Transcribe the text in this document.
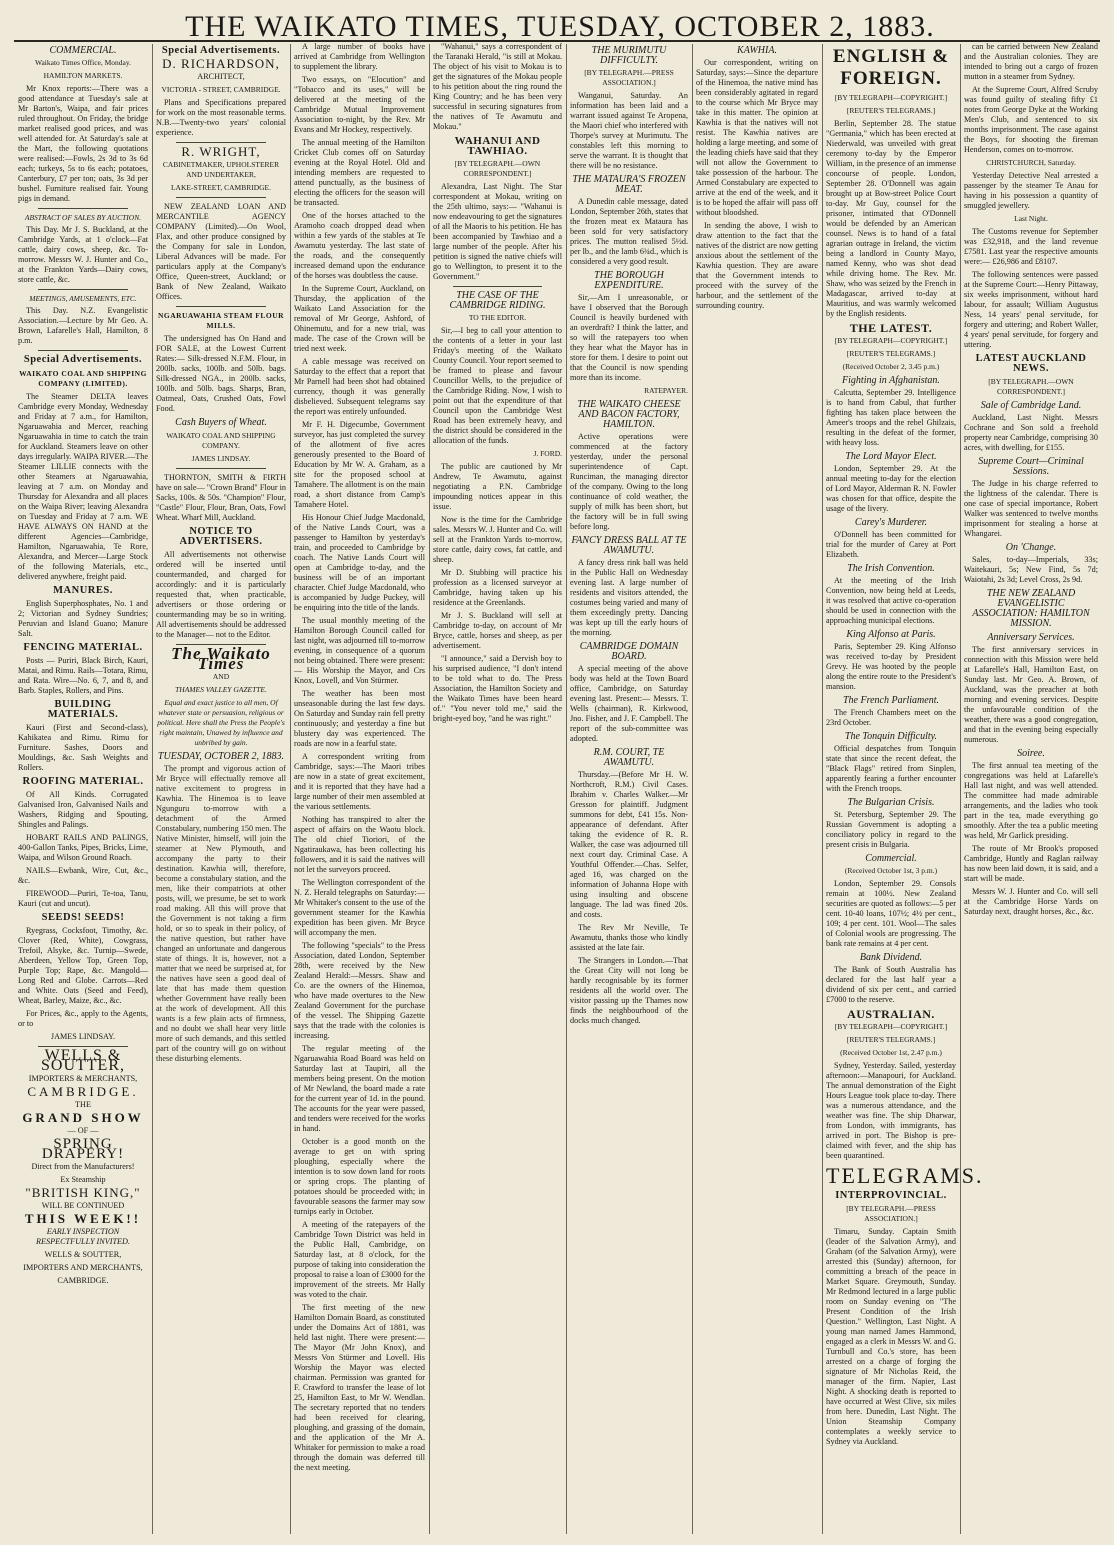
THE WAIKATO TIMES, TUESDAY, OCTOBER 2, 1883.
COMMERCIAL.
Waikato Times Office, Monday.
HAMILTON MARKETS.

Mr Knox reports:—There was a good attendance at Tuesday's sale at Mr Barton's, Waipa, and fair prices ruled throughout. On Friday, the bridge market realised good prices, and was well attended for. At Saturday's sale at the Mart, the following quotations were realised:—Fowls, 2s 3d to 3s 6d each; turkeys, 5s to 6s each; potatoes, Canterbury, £7 per ton; oats, 3s 3d per bushel. Furniture realised fair. Young pigs in demand.

ABSTRACT OF SALES BY AUCTION.

This Day. Mr J. S. Buckland, at the Cambridge Yards, at 1 o'clock—Fat cattle, dairy cows, sheep, &c. To-morrow. Messrs W. J. Hunter and Co., at the Frankton Yards—Dairy cows, store cattle, &c.

MEETINGS, AMUSEMENTS, ETC.

This Day. N.Z. Evangelistic Association.—Lecture by Mr Geo. A. Brown, Lafarelle's Hall, Hamilton, 8 p.m.

Special Advertisements.
WAIKATO COAL AND SHIPPING COMPANY (LIMITED).

The Steamer DELTA leaves Cambridge every Monday, Wednesday and Friday at 7 a.m., for Hamilton, Ngaruawahia and Mercer, reaching Ngaruawahia in time to catch the train for Auckland. Steamers leave on other days irregularly. WAIPA RIVER.—The Steamer LILLIE connects with the other Steamers at Ngaruawahia, leaving at 7 a.m. on Monday and Thursday for Alexandra and all places on the Waipa River; leaving Alexandra on Tuesday and Friday at 7 a.m. WE HAVE ALWAYS ON HAND at the different Agencies—Cambridge, Hamilton, Ngaruawahia, Te Rore, Alexandra, and Mercer—Large Stock of the following Materials, etc., delivered anywhere, freight paid.

MANURES.

English Superphosphates, No. 1 and 2; Victorian and Sydney Sundries; Peruvian and Island Guano; Manure Salt.

FENCING MATERIAL.

Posts — Puriri, Black Birch, Kauri, Matai, and Rimu. Rails—Totara, Rimu, and Rata. Wire—No. 6, 7, and 8, and Barb. Staples, Rollers, and Pins.

BUILDING MATERIALS.

Kauri (First and Second-class), Kahikatea and Rimu. Rimu for Furniture. Sashes, Doors and Mouldings, &c. Sash Weights and Rollers.

ROOFING MATERIAL.

Of All Kinds. Corrugated Galvanised Iron, Galvanised Nails and Washers, Ridging and Spouting, Shingles and Palings.

HOBART RAILS AND PALINGS, 400-Gallon Tanks, Pipes, Bricks, Lime, Waipa, and Wilson Ground Roach.

NAILS—Ewbank, Wire, Cut, &c., &c.

FIREWOOD—Puriri, Te-toa, Tanu, Kauri (cut and uncut).

SEEDS! SEEDS!

Ryegrass, Cocksfoot, Timothy, &c. Clover (Red, White), Cowgrass, Trefoil, Alsyke, &c. Turnip—Swede, Aberdeen, Yellow Top, Green Top, Purple Top; Rape, &c. Mangold—Long Red and Globe. Carrots—Red and White. Oats (Seed and Feed), Wheat, Barley, Maize, &c., &c.

For Prices, &c., apply to the Agents, or to

JAMES LINDSAY.
WELLS & SOUTTER,
IMPORTERS & MERCHANTS,
CAMBRIDGE.
THE
GRAND SHOW
— OF —
SPRING DRAPERY!
Direct from the Manufacturers!
Ex Steamship
"BRITISH KING,"
WILL BE CONTINUED
THIS WEEK!!
EARLY INSPECTION RESPECTFULLY INVITED.
WELLS & SOUTTER,
IMPORTERS AND MERCHANTS,
CAMBRIDGE.
Special Advertisements.
D. RICHARDSON,
ARCHITECT,
VICTORIA - STREET, CAMBRIDGE.

Plans and Specifications prepared for work on the most reasonable terms. N.B.—Twenty-two years' colonial experience.

R. WRIGHT,
CABINETMAKER, UPHOLSTERER AND UNDERTAKER,
LAKE-STREET, CAMBRIDGE.

NEW ZEALAND LOAN AND MERCANTILE AGENCY COMPANY (Limited).—On Wool, Flax, and other produce consigned by the Company for sale in London, Liberal Advances will be made. For particulars apply at the Company's Office, Queen-street, Auckland; or Bank of New Zealand, Waikato Offices.

NGARUAWAHIA STEAM FLOUR MILLS.

The undersigned has On Hand and FOR SALE, at the Lowest Current Rates:— Silk-dressed N.F.M. Flour, in 200lb. sacks, 100lb. and 50lb. bags. Silk-dressed NGA., in 200lb. sacks, 100lb. and 50lb. bags. Sharps, Bran, Oatmeal, Oats, Crushed Oats, Fowl Food.

Cash Buyers of Wheat.
WAIKATO COAL AND SHIPPING COMPANY.
JAMES LINDSAY.

THORNTON, SMITH & FIRTH have on sale— "Crown Brand" Flour in Sacks, 100s. & 50s. "Champion" Flour, "Castle" Flour, Flour, Bran, Oats, Fowl Wheat. Wharf Mill, Auckland.

NOTICE TO ADVERTISERS.

All advertisements not otherwise ordered will be inserted until countermanded, and charged for accordingly: and it is particularly requested that, when practicable, advertisers or those ordering or countermanding may be so in writing. All advertisements should be addressed to the Manager— not to the Editor.

The Waikato Times
AND
THAMES VALLEY GAZETTE.

Equal and exact justice to all men, Of whatever state or persuasion, religious or political. Here shall the Press the People's right maintain, Unawed by influence and unbribed by gain.

TUESDAY, OCTOBER 2, 1883.

The prompt and vigorous action of Mr Bryce will effectually remove all native excitement to progress in Kawhia. The Hinemoa is to leave Ngunguru to-morrow with a detachment of the Armed Constabulary, numbering 150 men. The Native Minister, himself, will join the steamer at New Plymouth, and accompany the party to their destination. Kawhia will, therefore, become a constabulary station, and the men, like their compatriots at other posts, will, we presume, be set to work road making. All this will prove that the Government is not taking a firm hold, or so to speak in their policy, of the native question, but rather have changed an unfortunate and dangerous state of things. It is, however, not a matter that we need be surprised at, for the natives have seen a good deal of late that has made them question whether Government have really been at the work of development. All this wants is a few plain acts of firmness, and no doubt we shall hear very little more of such demands, and this settled part of the country will go on without these disturbing elements.

A large number of books have arrived at Cambridge from Wellington to supplement the library.

Two essays, on "Elocution" and "Tobacco and its uses," will be delivered at the meeting of the Cambridge Mutual Improvement Association to-night, by the Rev. Mr Evans and Mr Hockey, respectively.

The annual meeting of the Hamilton Cricket Club comes off on Saturday evening at the Royal Hotel. Old and intending members are requested to attend punctually, as the business of electing the officers for the season will be transacted.

One of the horses attached to the Aramoho coach dropped dead when within a few yards of the stables at Te Awamutu yesterday. The last state of the roads, and the consequently increased demand upon the endurance of the horses was doubtless the cause.

In the Supreme Court, Auckland, on Thursday, the application of the Waikato Land Association for the removal of Mr George, Ashford, of Ohinemutu, and for a new trial, was made. The case of the Crown will be tried next week.

A cable message was received on Saturday to the effect that a report that Mr Parnell had been shot had obtained currency, though it was generally disbelieved. Subsequent telegrams say the report was entirely unfounded.

Mr F. H. Digecumbe, Government surveyor, has just completed the survey of the allotment of five acres generously presented to the Board of Education by Mr W. A. Graham, as a site for the proposed school at Tamahere. The allotment is on the main road, a short distance from Camp's Tamahere Hotel.

His Honour Chief Judge Macdonald, of the Native Lands Court, was a passenger to Hamilton by yesterday's train, and proceeded to Cambridge by coach. The Native Lands Court will open at Cambridge to-day, and the business will be of an important character. Chief Judge Macdonald, who is accompanied by Judge Puckey, will be enquiring into the title of the lands.

The usual monthly meeting of the Hamilton Borough Council called for last night, was adjourned till to-morrow evening, in consequence of a quorum not being obtained. There were present:— His Worship the Mayor, and Crs Knox, Lovell, and Von Stürmer.

The weather has been most unseasonable during the last few days. On Saturday and Sunday rain fell pretty continuously; and yesterday a fine but blustery day was experienced. The roads are now in a fearful state.

A correspondent writing from Cambridge, says:—The Maori tribes are now in a state of great excitement, and it is reported that they have had a large number of their men assembled at the various settlements.

Nothing has transpired to alter the aspect of affairs on the Waotu block. The old chief Tioriori, of the Ngatiraukawa, has been collecting his followers, and it is said the natives will not let the surveyors proceed.

The Wellington correspondent of the N. Z. Herald telegraphs on Saturday:— Mr Whitaker's consent to the use of the government steamer for the Kawhia expedition has been given. Mr Bryce will accompany the men.

The following "specials" to the Press Association, dated London, September 28th, were received by the New Zealand Herald:—Messrs. Shaw and Co. are the owners of the Hinemoa, who have made overtures to the New Zealand Government for the purchase of the vessel. The Shipping Gazette says that the trade with the colonies is increasing.

The regular meeting of the Ngaruawahia Road Board was held on Saturday last at Taupiri, all the members being present. On the motion of Mr Newland, the board made a rate for the current year of 1d. in the pound. The accounts for the year were passed, and tenders were received for the works in hand.

October is a good month on the average to get on with spring ploughing, especially where the intention is to sow down land for roots or spring crops. The planting of potatoes should be proceeded with; in favourable seasons the farmer may sow turnips early in October.

A meeting of the ratepayers of the Cambridge Town District was held in the Public Hall, Cambridge, on Saturday last, at 8 o'clock, for the purpose of taking into consideration the proposal to raise a loan of £3000 for the improvement of the streets. Mr Hally was voted to the chair.

The first meeting of the new Hamilton Domain Board, as constituted under the Domains Act of 1881, was held last night. There were present:— The Mayor (Mr John Knox), and Messrs Von Stürmer and Lovell. His Worship the Mayor was elected chairman. Permission was granted for F. Crawford to transfer the lease of lot 25, Hamilton East, to Mr W. Wendlan. The secretary reported that no tenders had been received for clearing, ploughing, and grassing of the domain, and the application of the Mr A. Whitaker for permission to make a road through the domain was deferred till the next meeting.

"Wahanui," says a correspondent of the Taranaki Herald, "is still at Mokau. The object of his visit to Mokau is to get the signatures of the Mokau people to his petition about the ring round the King Country; and he has been very successful in securing signatures from the natives of Te Awamutu and Mokau."

WAHANUI AND TAWHIAO.
[BY TELEGRAPH.—OWN CORRESPONDENT.]

Alexandra, Last Night. The Star correspondent at Mokau, writing on the 25th ultimo, says:— "Wahanui is now endeavouring to get the signatures of all the Maoris to his petition. He has been accompanied by Tawhiao and a large number of the people. After his petition is signed the native chiefs will go to Wellington, to present it to the Government."

THE CASE OF THE CAMBRIDGE RIDING.
TO THE EDITOR.

Sir,—I beg to call your attention to the contents of a letter in your last Friday's meeting of the Waikato County Council. Your report seemed to be framed to please and favour Councillor Wells, to the prejudice of the Cambridge Riding. Now, I wish to point out that the expenditure of that Council upon the Cambridge West Road has been extremely heavy, and the district should be considered in the allocation of the funds.

J. FORD.

The public are cautioned by Mr Andrew, Te Awamutu, against negotiating a P.N. Cambridge impounding notices appear in this issue.

Now is the time for the Cambridge sales. Messrs W. J. Hunter and Co. will sell at the Frankton Yards to-morrow, store cattle, dairy cows, fat cattle, and sheep.

Mr D. Stubbing will practice his profession as a licensed surveyor at Cambridge, having taken up his residence at the Greenlands.

Mr J. S. Buckland will sell at Cambridge to-day, on account of Mr Bryce, cattle, horses and sheep, as per advertisement.

"I announce," said a Dervish boy to his surprised audience, "I don't intend to be told what to do. The Press Association, the Hamilton Society and the Waikato Times have been heard of." "You never told me," said the bright-eyed boy, "and he was right."

THE MURIMUTU DIFFICULTY.
[BY TELEGRAPH.—PRESS ASSOCIATION.]

Wanganui, Saturday. An information has been laid and a warrant issued against Te Aropena, the Maori chief who interfered with Thorpe's survey at Murimutu. The constables left this morning to serve the warrant. It is thought that there will be no resistance.

THE MATAURA'S FROZEN MEAT.

A Dunedin cable message, dated London, September 26th, states that the frozen meat ex Mataura has been sold for very satisfactory prices. The mutton realised 5½d. per lb., and the lamb 6¾d., which is considered a very good result.

THE BOROUGH EXPENDITURE.

Sir,—Am I unreasonable, or have I observed that the Borough Council is heavily burdened with an overdraft? I think the latter, and so will the ratepayers too when they hear what the Mayor has in store for them. I desire to point out that the Council is now spending more than its income.

RATEPAYER.
THE WAIKATO CHEESE AND BACON FACTORY, HAMILTON.

Active operations were commenced at the factory yesterday, under the personal superintendence of Capt. Runciman, the managing director of the company. Owing to the long continuance of cold weather, the supply of milk has been short, but the factory will be in full swing before long.

FANCY DRESS BALL AT TE AWAMUTU.

A fancy dress rink ball was held in the Public Hall on Wednesday evening last. A large number of residents and visitors attended, the costumes being varied and many of them exceedingly pretty. Dancing was kept up till the early hours of the morning.

CAMBRIDGE DOMAIN BOARD.

A special meeting of the above body was held at the Town Board office, Cambridge, on Saturday evening last. Present:— Messrs. T. Wells (chairman), R. Kirkwood, Jno. Fisher, and J. F. Campbell. The report of the sub-committee was adopted.

R.M. COURT, TE AWAMUTU.

Thursday.—(Before Mr H. W. Northcroft, R.M.) Civil Cases. Ibrahim v. Charles Walker.—Mr Gresson for plaintiff. Judgment summons for debt, £41 15s. Non-appearance of defendant. After taking the evidence of R. R. Walker, the case was adjourned till next court day. Criminal Case. A Youthful Offender.—Chas. Selfer, aged 16, was charged on the information of Johanna Hope with using insulting and obscene language. The lad was fined 20s. and costs.

The Rev Mr Neville, Te Awamutu, thanks those who kindly assisted at the late fair.

The Strangers in London.—That the Great City will not long be hardly recognisable by its former residents all the world over. The visitor passing up the Thames now finds the neighbourhood of the docks much changed.

KAWHIA.

Our correspondent, writing on Saturday, says:—Since the departure of the Hinemoa, the native mind has been considerably agitated in regard to the course which Mr Bryce may take in this matter. The opinion at Kawhia is that the natives will not resist. The Kawhia natives are holding a large meeting, and some of the leading chiefs have said that they will not allow the Government to take possession of the harbour. The Armed Constabulary are expected to arrive at the end of the week, and it is to be hoped the affair will pass off without bloodshed.

In sending the above, I wish to draw attention to the fact that the natives of the district are now getting anxious about the settlement of the Kawhia question. They are aware that the Government intends to proceed with the survey of the harbour, and the settlement of the surrounding country.

ENGLISH & FOREIGN.
[BY TELEGRAPH—COPYRIGHT.]
[REUTER'S TELEGRAMS.]

Berlin, September 28. The statue "Germania," which has been erected at Niederwald, was unveiled with great ceremony to-day by the Emperor William, in the presence of an immense concourse of people. London, September 28. O'Donnell was again brought up at Bow-street Police Court to-day. Mr Guy, counsel for the prisoner, intimated that O'Donnell would be defended by an American counsel. News is to hand of a fatal agrarian outrage in Ireland, the victim being a landlord in County Mayo, named Kenny, who was shot dead while driving home. The Rev. Mr. Shaw, who was seized by the French in Madagascar, arrived to-day at Mauritius, and was warmly welcomed by the English residents.

THE LATEST.
[BY TELEGRAPH—COPYRIGHT.]
[REUTER'S TELEGRAMS.]
(Received October 2, 3.45 p.m.)
Fighting in Afghanistan.

Calcutta, September 29. Intelligence is to hand from Cabul, that further fighting has taken place between the Ameer's troops and the rebel Ghilzais, resulting in the defeat of the former, with heavy loss.

The Lord Mayor Elect.

London, September 29. At the annual meeting to-day for the election of Lord Mayor, Alderman R. N. Fowler was chosen for that office, despite the usage of the livery.

Carey's Murderer.

O'Donnell has been committed for trial for the murder of Carey at Port Elizabeth.

The Irish Convention.

At the meeting of the Irish Convention, now being held at Leeds, it was resolved that active co-operation should be used in connection with the approaching municipal elections.

King Alfonso at Paris.

Paris, September 29. King Alfonso was received to-day by President Grevy. He was hooted by the people along the entire route to the President's mansion.

The French Parliament.

The French Chambers meet on the 23rd October.

The Tonquin Difficulty.

Official despatches from Tonquin state that since the recent defeat, the "Black Flags" retired from Sinplen, apparently fearing a further encounter with the French troops.

The Bulgarian Crisis.

St. Petersburg, September 29. The Russian Government is adopting a conciliatory policy in regard to the present crisis in Bulgaria.

Commercial.
(Received October 1st, 3 p.m.)

London, September 29. Consols remain at 100½. New Zealand securities are quoted as follows:—5 per cent. 10-40 loans, 107½; 4½ per cent., 109; 4 per cent. 101. Wool—The sales of Colonial wools are progressing. The bank rate remains at 4 per cent.

Bank Dividend.

The Bank of South Australia has declared for the last half year a dividend of six per cent., and carried £7000 to the reserve.

AUSTRALIAN.
[BY TELEGRAPH—COPYRIGHT.]
[REUTER'S TELEGRAMS.]
(Received October 1st, 2.47 p.m.)

Sydney, Yesterday. Sailed, yesterday afternoon:—Manapouri, for Auckland. The annual demonstration of the Eight Hours League took place to-day. There was a numerous attendance, and the weather was fine. The ship Dharwar, from London, with immigrants, has arrived in port. The Bishop is pre-claimed with fever, and the ship has been quarantined.

TELEGRAMS.
INTERPROVINCIAL.
[BY TELEGRAPH.—PRESS ASSOCIATION.]

Timaru, Sunday. Captain Smith (leader of the Salvation Army), and Graham (of the Salvation Army), were arrested this (Sunday) afternoon, for committing a breach of the peace in Market Square. Greymouth, Sunday. Mr Redmond lectured in a large public room on Sunday evening on "The Present Condition of the Irish Question." Wellington, Last Night. A young man named James Hammond, engaged as a clerk in Messrs W. and G. Turnbull and Co.'s store, has been arrested on a charge of forging the signature of Mr Nicholas Reid, the manager of the firm. Napier, Last Night. A shocking death is reported to have occurred at West Clive, six miles from here. Dunedin, Last Night. The Union Steamship Company contemplates a weekly service to Sydney via Auckland.

can be carried between New Zealand and the Australian colonies. They are intended to bring out a cargo of frozen mutton in a steamer from Sydney.

At the Supreme Court, Alfred Scruby was found guilty of stealing fifty £1 notes from George Dyke at the Working Men's Club, and sentenced to six months imprisonment. The case against the Boys, for shooting the fireman Henderson, comes on to-morrow.

CHRISTCHURCH, Saturday.

Yesterday Detective Neal arrested a passenger by the steamer Te Anau for having in his possession a quantity of smuggled jewellery.

Last Night.

The Customs revenue for September was £32,918, and the land revenue £7581. Last year the respective amounts were:— £26,986 and £8107.

The following sentences were passed at the Supreme Court:—Henry Pittaway, six weeks imprisonment, without hard labour, for assault; William Augustus Ness, 14 years' penal servitude, for forgery and uttering; and Robert Waller, 4 years' penal servitude, for forgery and uttering.

LATEST AUCKLAND NEWS.
[BY TELEGRAPH.—OWN CORRESPONDENT.]
Sale of Cambridge Land.

Auckland, Last Night. Messrs Cochrane and Son sold a freehold property near Cambridge, comprising 30 acres, with dwelling, for £155.

Supreme Court—Criminal Sessions.

The Judge in his charge referred to the lightness of the calendar. There is one case of special importance, Robert Walker was sentenced to twelve months imprisonment for stealing a horse at Whangarei.

On 'Change.

Sales, to-day—Imperials, 33s; Waitekauri, 5s; New Find, 5s 7d; Waiotahi, 2s 3d; Level Cross, 2s 9d.

THE NEW ZEALAND EVANGELISTIC ASSOCIATION: HAMILTON MISSION.
Anniversary Services.

The first anniversary services in connection with this Mission were held at Lafarelle's Hall, Hamilton East, on Sunday last. Mr Geo. A. Brown, of Auckland, was the preacher at both morning and evening services. Despite the unfavourable condition of the weather, there was a good congregation, and that in the evening being especially numerous.

Soiree.

The first annual tea meeting of the congregations was held at Lafarelle's Hall last night, and was well attended. The committee had made admirable arrangements, and the ladies who took part in the tea, made everything go smoothly. After the tea a public meeting was held, Mr Garlick presiding.

The route of Mr Brook's proposed Cambridge, Huntly and Raglan railway has now been laid down, it is said, and a start will be made.

Messrs W. J. Hunter and Co. will sell at the Cambridge Horse Yards on Saturday next, draught horses, &c., &c.
